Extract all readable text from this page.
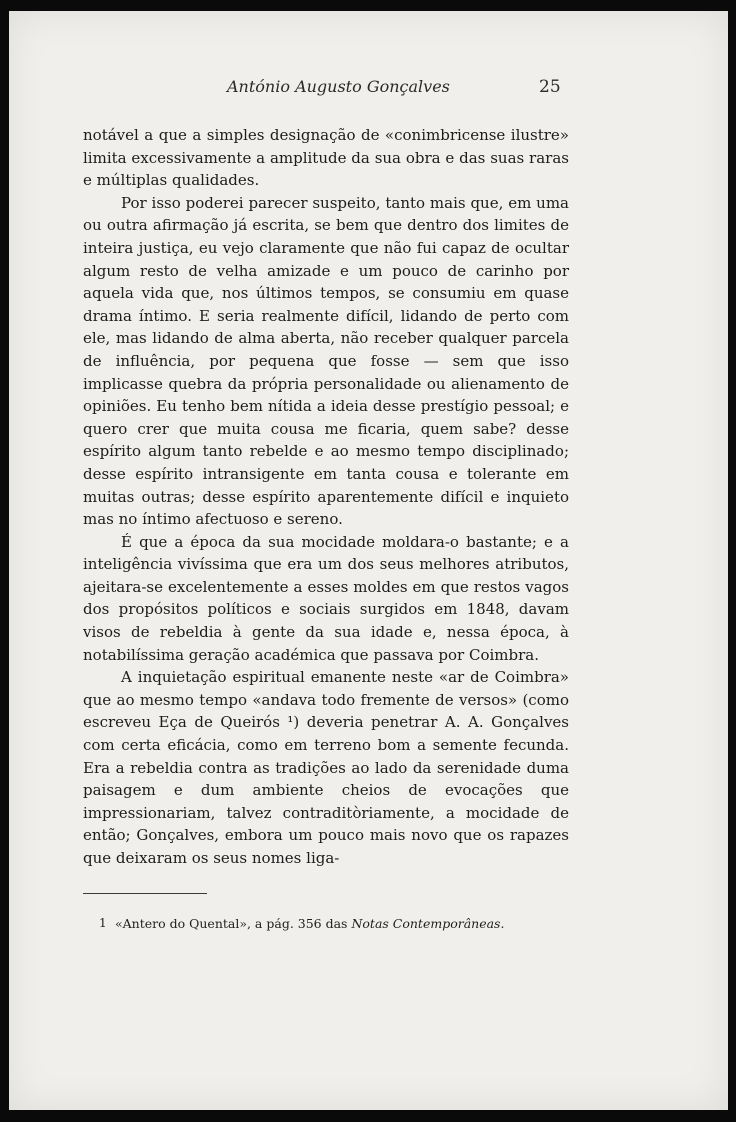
António Augusto Gonçalves	25

notável a que a simples designação de «conimbricense ilustre» limita excessivamente a amplitude da sua obra e das suas raras e múltiplas qualidades.

Por isso poderei parecer suspeito, tanto mais que, em uma ou outra afirmação já escrita, se bem que dentro dos limites de inteira justiça, eu vejo claramente que não fui capaz de ocultar algum resto de velha amizade e um pouco de carinho por aquela vida que, nos últimos tempos, se consumiu em quase drama íntimo. E seria realmente difícil, lidando de perto com ele, mas lidando de alma aberta, não receber qualquer parcela de influência, por pequena que fosse — sem que isso implicasse quebra da própria personalidade ou alienamento de opiniões. Eu tenho bem nítida a ideia desse prestígio pessoal; e quero crer que muita cousa me ficaria, quem sabe? desse espírito algum tanto rebelde e ao mesmo tempo disciplinado; desse espírito intransigente em tanta cousa e tolerante em muitas outras; desse espírito aparentemente difícil e inquieto mas no íntimo afectuoso e sereno.

É que a época da sua mocidade moldara-o bastante; e a inteligência vivíssima que era um dos seus melhores atributos, ajeitara-se excelentemente a esses moldes em que restos vagos dos propósitos políticos e sociais surgidos em 1848, davam visos de rebeldia à gente da sua idade e, nessa época, à notabilíssima geração académica que passava por Coimbra.

A inquietação espiritual emanente neste «ar de Coimbra» que ao mesmo tempo «andava todo fremente de versos» (como escreveu Eça de Queirós ¹) deveria penetrar A. A. Gonçalves com certa eficácia, como em terreno bom a semente fecunda. Era a rebeldia contra as tradições ao lado da serenidade duma paisagem e dum ambiente cheios de evocações que impressionariam, talvez contraditòriamente, a mocidade de então; Gonçalves, embora um pouco mais novo que os rapazes que deixaram os seus nomes liga-

1 «Antero do Quental», a pág. 356 das Notas Contemporâneas.
